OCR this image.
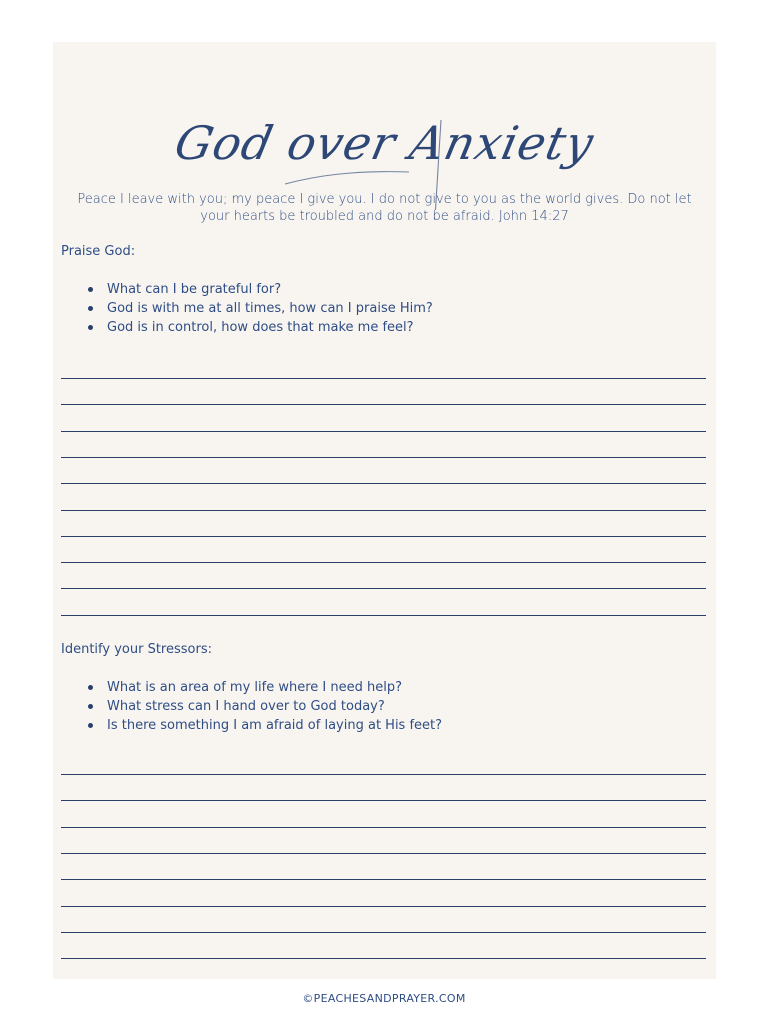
God over Anxiety
Peace I leave with you; my peace I give you. I do not give to you as the world gives. Do not let your hearts be troubled and do not be afraid. John 14:27
Praise God:
What can I be grateful for?
God is with me at all times, how can I praise Him?
God is in control, how does that make me feel?
Identify your Stressors:
What is an area of my life where I need help?
What stress can I hand over to God today?
Is there something I am afraid of laying at His feet?
©PEACHESANDPRAYER.COM
